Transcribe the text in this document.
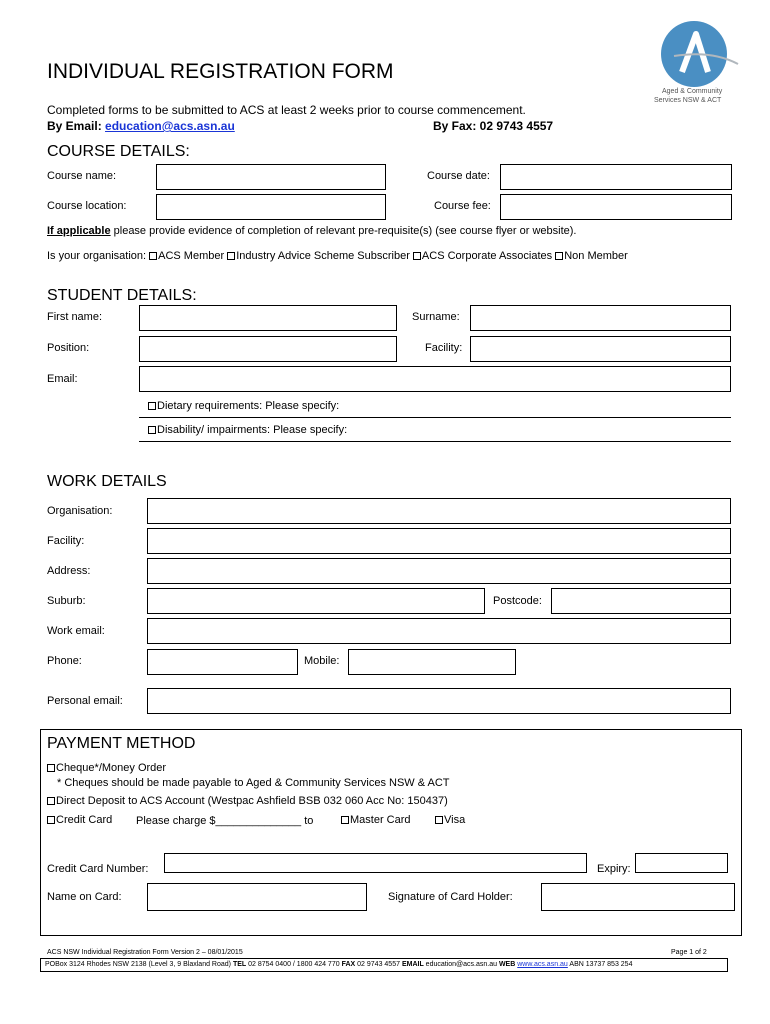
Aged & Community
Services NSW & ACT
INDIVIDUAL REGISTRATION FORM
Completed forms to be submitted to ACS at least 2 weeks prior to course commencement.
By Email: education@acs.asn.au	By Fax: 02 9743 4557
COURSE DETAILS:
Course name:	Course date:
Course location:	Course fee:
If applicable please provide evidence of completion of relevant pre-requisite(s) (see course flyer or website).
Is your organisation: ACS Member Industry Advice Scheme Subscriber ACS Corporate Associates Non Member
STUDENT DETAILS:
First name:	Surname:
Position:	Facility:
Email:
Dietary requirements: Please specify:
Disability/ impairments: Please specify:
WORK DETAILS
Organisation:
Facility:
Address:
Suburb:	Postcode:
Work email:
Phone:	Mobile:
Personal email:
PAYMENT METHOD
Cheque*/Money Order
* Cheques should be made payable to Aged & Community Services NSW & ACT
Direct Deposit to ACS Account (Westpac Ashfield BSB 032 060 Acc No: 150437)
Credit Card Please charge $______________ to	Master Card	Visa
Credit Card Number:	Expiry:
Name on Card:	Signature of Card Holder:
ACS NSW Individual Registration Form Version 2 – 08/01/2015	Page 1 of 2
POBox 3124 Rhodes NSW 2138 (Level 3, 9 Blaxland Road) TEL 02 8754 0400 / 1800 424 770 FAX 02 9743 4557 EMAIL education@acs.asn.au WEB www.acs.asn.au ABN 13737 853 254
